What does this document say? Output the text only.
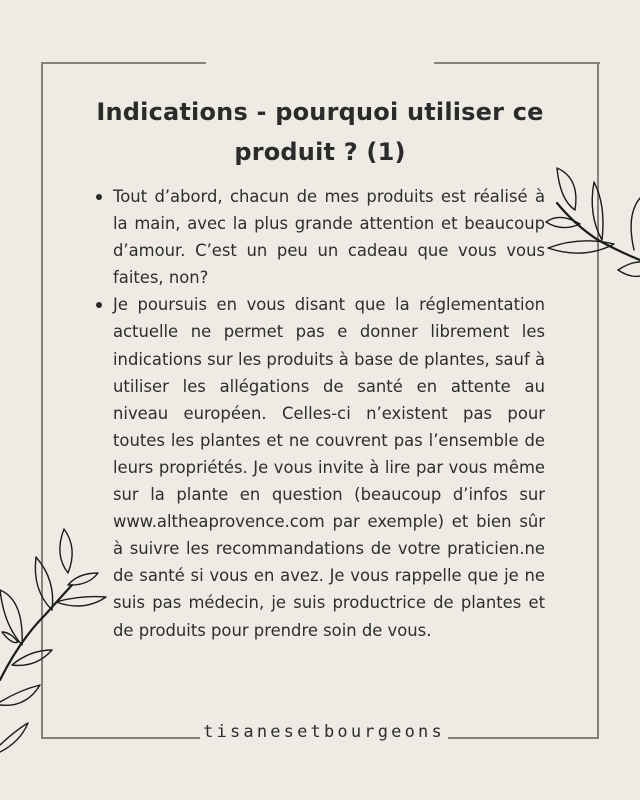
Indications - pourquoi utiliser ce produit ? (1)
Tout d’abord, chacun de mes produits est réalisé à la main, avec la plus grande attention et beaucoup d’amour. C’est un peu un cadeau que vous vous faites, non?
Je poursuis en vous disant que la réglementation actuelle ne permet pas e donner librement les indications sur les produits à base de plantes, sauf à utiliser les allégations de santé en attente au niveau européen. Celles-ci n’existent pas pour toutes les plantes et ne couvrent pas l’ensemble de leurs propriétés. Je vous invite à lire par vous même sur la plante en question (beaucoup d’infos sur www.altheaprovence.com par exemple) et bien sûr à suivre les recommandations de votre praticien.ne de santé si vous en avez. Je vous rappelle que je ne suis pas médecin, je suis productrice de plantes et de produits pour prendre soin de vous.
tisanesetbourgeons
